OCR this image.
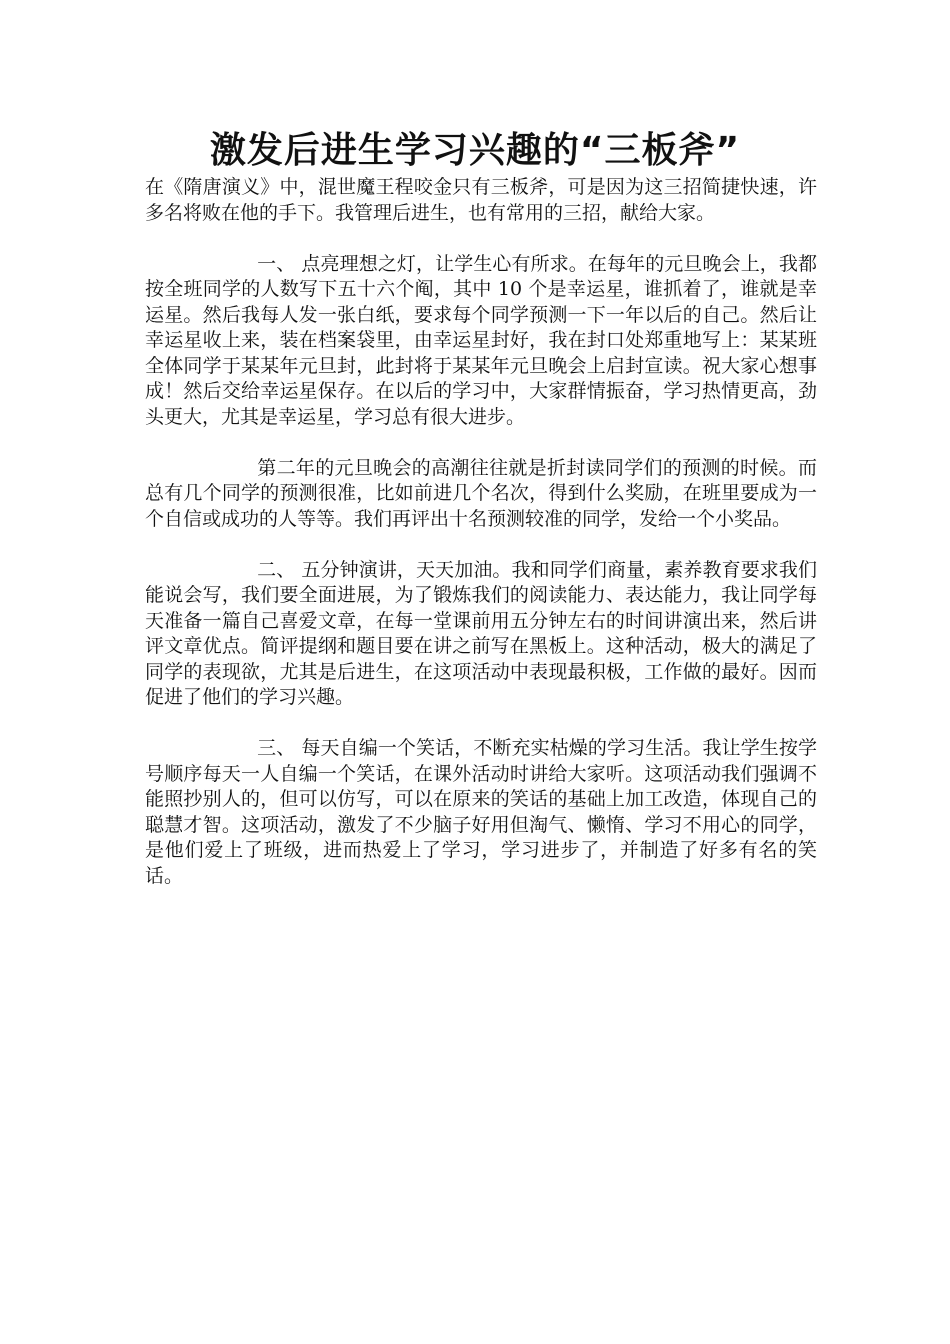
激发后进生学习兴趣的“三板斧”

在《隋唐演义》中，混世魔王程咬金只有三板斧，可是因为这三招简捷快速，许多名将败在他的手下。我管理后进生，也有常用的三招，献给大家。

一、 点亮理想之灯，让学生心有所求。在每年的元旦晚会上，我都按全班同学的人数写下五十六个阄，其中 10 个是幸运星，谁抓着了，谁就是幸运星。然后我每人发一张白纸，要求每个同学预测一下一年以后的自己。然后让幸运星收上来，装在档案袋里，由幸运星封好，我在封口处郑重地写上：某某班全体同学于某某年元旦封，此封将于某某年元旦晚会上启封宣读。祝大家心想事成！然后交给幸运星保存。在以后的学习中，大家群情振奋，学习热情更高，劲头更大，尤其是幸运星，学习总有很大进步。

第二年的元旦晚会的高潮往往就是折封读同学们的预测的时候。而总有几个同学的预测很准，比如前进几个名次，得到什么奖励，在班里要成为一个自信或成功的人等等。我们再评出十名预测较准的同学，发给一个小奖品。

二、 五分钟演讲，天天加油。我和同学们商量，素养教育要求我们能说会写，我们要全面进展，为了锻炼我们的阅读能力、表达能力，我让同学每天准备一篇自己喜爱文章，在每一堂课前用五分钟左右的时间讲演出来，然后讲评文章优点。简评提纲和题目要在讲之前写在黑板上。这种活动，极大的满足了同学的表现欲，尤其是后进生，在这项活动中表现最积极，工作做的最好。因而促进了他们的学习兴趣。

三、 每天自编一个笑话，不断充实枯燥的学习生活。我让学生按学号顺序每天一人自编一个笑话，在课外活动时讲给大家听。这项活动我们强调不能照抄别人的，但可以仿写，可以在原来的笑话的基础上加工改造，体现自己的聪慧才智。这项活动，激发了不少脑子好用但淘气、懒惰、学习不用心的同学，是他们爱上了班级，进而热爱上了学习，学习进步了，并制造了好多有名的笑话。
